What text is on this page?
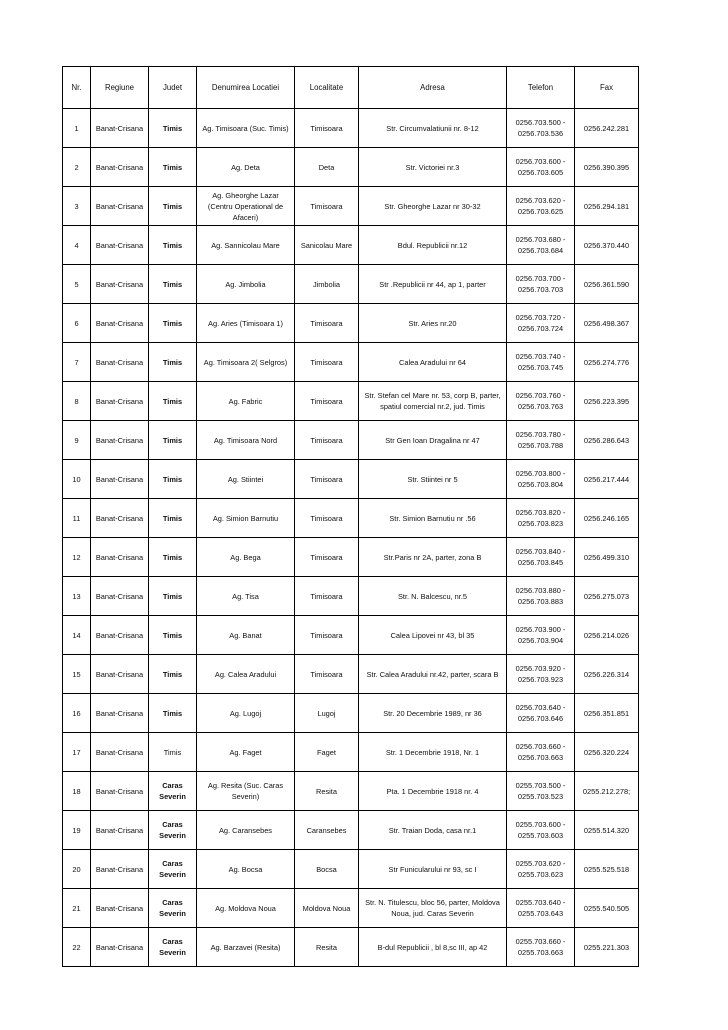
Nr.	Regiune	Judet	Denumirea Locatiei	Localitate	Adresa	Telefon	Fax
1	Banat-Crisana	Timis	Ag. Timisoara (Suc. Timis)	Timisoara	Str. Circumvalatiunii nr. 8-12	0256.703.500 - 0256.703.536	0256.242.281
2	Banat-Crisana	Timis	Ag. Deta	Deta	Str. Victoriei nr.3	0256.703.600 - 0256.703.605	0256.390.395
3	Banat-Crisana	Timis	Ag. Gheorghe Lazar (Centru Operational de Afaceri)	Timisoara	Str. Gheorghe Lazar nr 30-32	0256.703.620 - 0256.703.625	0256.294.181
4	Banat-Crisana	Timis	Ag. Sannicolau Mare	Sanicolau Mare	Bdul. Republicii nr.12	0256.703.680 - 0256.703.684	0256.370.440
5	Banat-Crisana	Timis	Ag. Jimbolia	Jimbolia	Str .Republicii nr 44, ap 1, parter	0256.703.700 - 0256.703.703	0256.361.590
6	Banat-Crisana	Timis	Ag. Aries (Timisoara 1)	Timisoara	Str. Aries nr.20	0256.703.720 - 0256.703.724	0256.498.367
7	Banat-Crisana	Timis	Ag. Timisoara 2( Selgros)	Timisoara	Calea Aradului nr 64	0256.703.740 - 0256.703.745	0256.274.776
8	Banat-Crisana	Timis	Ag. Fabric	Timisoara	Str. Stefan cel Mare nr. 53, corp B, parter, spatiul comercial nr.2, jud. Timis	0256.703.760 - 0256.703.763	0256.223.395
9	Banat-Crisana	Timis	Ag. Timisoara Nord	Timisoara	Str Gen Ioan Dragalina nr 47	0256.703.780 - 0256.703.788	0256.286.643
10	Banat-Crisana	Timis	Ag. Stiintei	Timisoara	Str. Stiintei nr 5	0256.703.800 - 0256.703.804	0256.217.444
11	Banat-Crisana	Timis	Ag. Simion Barnutiu	Timisoara	Str. Simion Barnutiu nr .56	0256.703.820 - 0256.703.823	0256.246.165
12	Banat-Crisana	Timis	Ag. Bega	Timisoara	Str.Paris nr 2A, parter, zona B	0256.703.840 - 0256.703.845	0256.499.310
13	Banat-Crisana	Timis	Ag. Tisa	Timisoara	Str. N. Balcescu, nr.5	0256.703.880 - 0256.703.883	0256.275.073
14	Banat-Crisana	Timis	Ag. Banat	Timisoara	Calea Lipovei nr 43, bl 35	0256.703.900 - 0256.703.904	0256.214.026
15	Banat-Crisana	Timis	Ag. Calea Aradului	Timisoara	Str. Calea Aradului nr.42, parter, scara B	0256.703.920 - 0256.703.923	0256.226.314
16	Banat-Crisana	Timis	Ag. Lugoj	Lugoj	Str. 20 Decembrie 1989, nr 36	0256.703.640 - 0256.703.646	0256.351.851
17	Banat-Crisana	Timis	Ag. Faget	Faget	Str. 1 Decembrie 1918, Nr. 1	0256.703.660 - 0256.703.663	0256.320.224
18	Banat-Crisana	Caras Severin	Ag. Resita (Suc. Caras Severin)	Resita	Pta. 1 Decembrie 1918 nr. 4	0255.703.500 - 0255.703.523	0255.212.278;
19	Banat-Crisana	Caras Severin	Ag. Caransebes	Caransebes	Str. Traian Doda, casa nr.1	0255.703.600 - 0255.703.603	0255.514.320
20	Banat-Crisana	Caras Severin	Ag. Bocsa	Bocsa	Str Funicularului nr 93, sc I	0255.703.620 - 0255.703.623	0255.525.518
21	Banat-Crisana	Caras Severin	Ag. Moldova Noua	Moldova Noua	Str. N. Titulescu, bloc 56, parter, Moldova Noua, jud. Caras Severin	0255.703.640 - 0255.703.643	0255.540.505
22	Banat-Crisana	Caras Severin	Ag. Barzavei (Resita)	Resita	B-dul Republicii , bl 8,sc III, ap 42	0255.703.660 - 0255.703.663	0255.221.303
